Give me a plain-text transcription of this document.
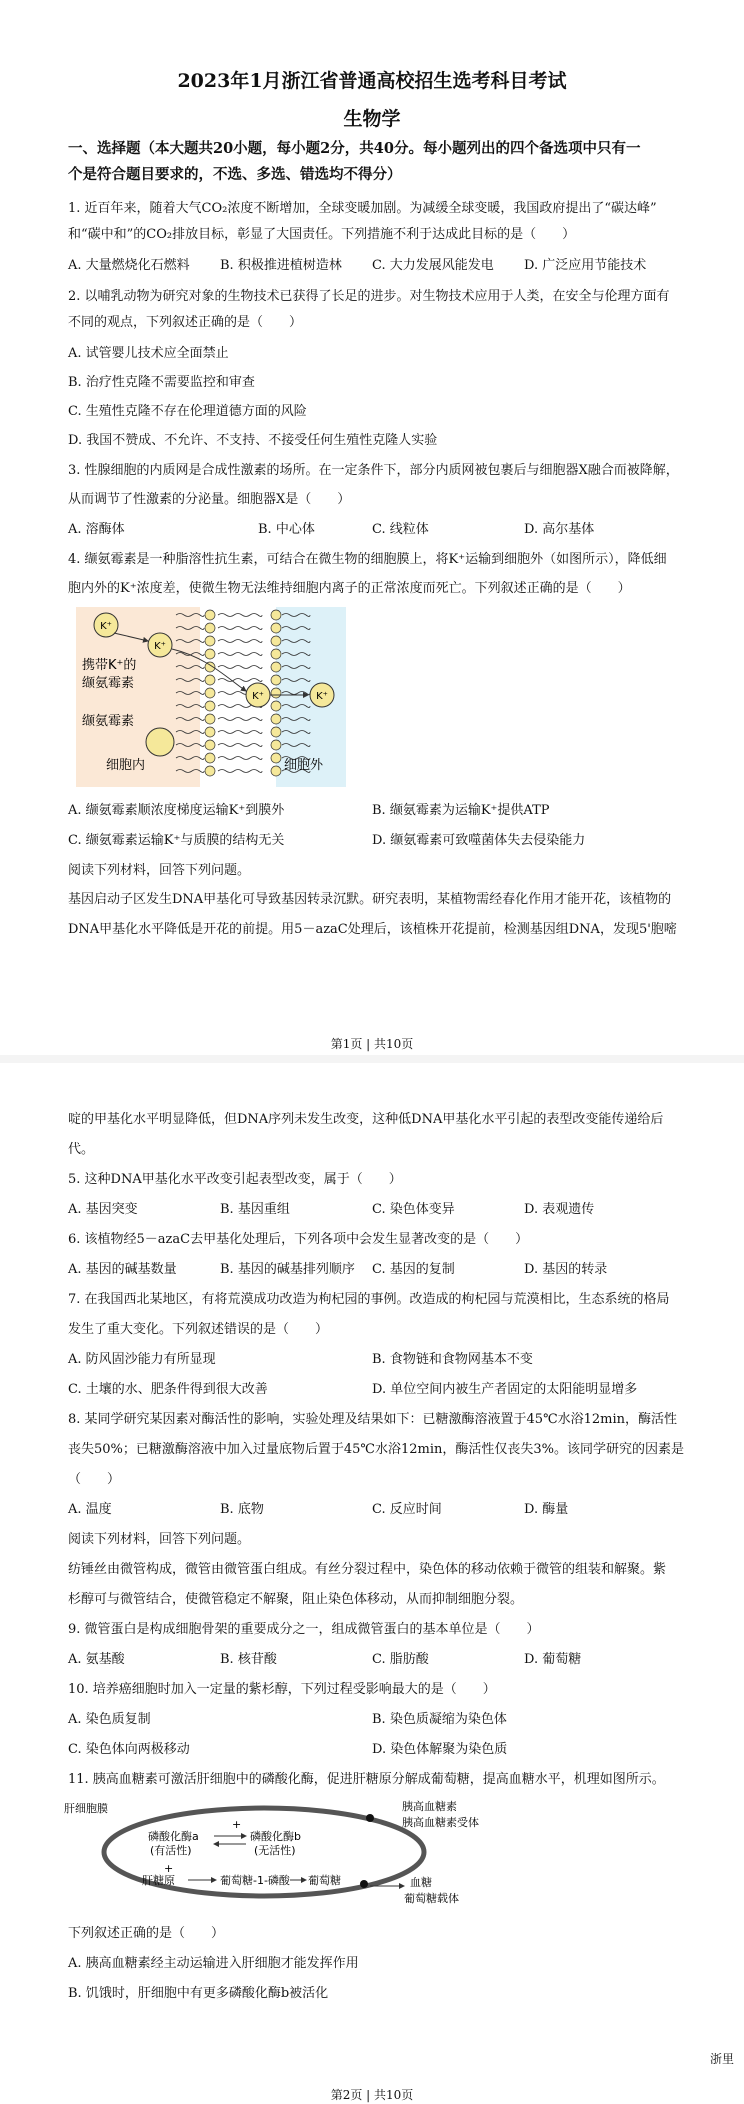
2023年1月浙江省普通高校招生选考科目考试
生物学
一、选择题（本大题共20小题，每小题2分，共40分。每小题列出的四个备选项中只有一
个是符合题目要求的，不选、多选、错选均不得分）
1. 近百年来，随着大气CO₂浓度不断增加，全球变暖加剧。为减缓全球变暖，我国政府提出了“碳达峰”
和“碳中和”的CO₂排放目标，彰显了大国责任。下列措施不利于达成此目标的是（　　）
A. 大量燃烧化石燃料 B. 积极推进植树造林 C. 大力发展风能发电 D. 广泛应用节能技术
2. 以哺乳动物为研究对象的生物技术已获得了长足的进步。对生物技术应用于人类，在安全与伦理方面有
不同的观点，下列叙述正确的是（　　）
A. 试管婴儿技术应全面禁止
B. 治疗性克隆不需要监控和审查
C. 生殖性克隆不存在伦理道德方面的风险
D. 我国不赞成、不允许、不支持、不接受任何生殖性克隆人实验
3. 性腺细胞的内质网是合成性激素的场所。在一定条件下，部分内质网被包裹后与细胞器X融合而被降解，
从而调节了性激素的分泌量。细胞器X是（　　）
A. 溶酶体	B. 中心体	C. 线粒体	D. 高尔基体
4. 缬氨霉素是一种脂溶性抗生素，可结合在微生物的细胞膜上，将K⁺运输到细胞外（如图所示），降低细
胞内外的K⁺浓度差，使微生物无法维持细胞内离子的正常浓度而死亡。下列叙述正确的是（　　）
K⁺
K⁺
K⁺	K⁺
携带K⁺的
缬氨霉素
缬氨霉素
细胞内	细胞外
A. 缬氨霉素顺浓度梯度运输K⁺到膜外	B. 缬氨霉素为运输K⁺提供ATP
C. 缬氨霉素运输K⁺与质膜的结构无关	D. 缬氨霉素可致噬菌体失去侵染能力
阅读下列材料，回答下列问题。
基因启动子区发生DNA甲基化可导致基因转录沉默。研究表明，某植物需经春化作用才能开花，该植物的
DNA甲基化水平降低是开花的前提。用5－azaC处理后，该植株开花提前，检测基因组DNA，发现5'胞嘧
第1页 | 共10页
啶的甲基化水平明显降低，但DNA序列未发生改变，这种低DNA甲基化水平引起的表型改变能传递给后
代。
5. 这种DNA甲基化水平改变引起表型改变，属于（　　）
A. 基因突变	B. 基因重组	C. 染色体变异	D. 表观遗传
6. 该植物经5－azaC去甲基化处理后，下列各项中会发生显著改变的是（　　）
A. 基因的碱基数量	B. 基因的碱基排列顺序 C. 基因的复制	D. 基因的转录
7. 在我国西北某地区，有将荒漠成功改造为枸杞园的事例。改造成的枸杞园与荒漠相比，生态系统的格局
发生了重大变化。下列叙述错误的是（　　）
A. 防风固沙能力有所显现	B. 食物链和食物网基本不变
C. 土壤的水、肥条件得到很大改善	D. 单位空间内被生产者固定的太阳能明显增多
8. 某同学研究某因素对酶活性的影响，实验处理及结果如下：已糖激酶溶液置于45℃水浴12min，酶活性
丧失50%；已糖激酶溶液中加入过量底物后置于45℃水浴12min，酶活性仅丧失3%。该同学研究的因素是
（　　）
A. 温度	B. 底物	C. 反应时间	D. 酶量
阅读下列材料，回答下列问题。
纺锤丝由微管构成，微管由微管蛋白组成。有丝分裂过程中，染色体的移动依赖于微管的组装和解聚。紫
杉醇可与微管结合，使微管稳定不解聚，阻止染色体移动，从而抑制细胞分裂。
9. 微管蛋白是构成细胞骨架的重要成分之一，组成微管蛋白的基本单位是（　　）
A. 氨基酸	B. 核苷酸	C. 脂肪酸	D. 葡萄糖
10. 培养癌细胞时加入一定量的紫杉醇，下列过程受影响最大的是（　　）
A. 染色质复制	B. 染色质凝缩为染色体
C. 染色体向两极移动	D. 染色体解聚为染色质
11. 胰高血糖素可激活肝细胞中的磷酸化酶，促进肝糖原分解成葡萄糖，提高血糖水平，机理如图所示。
肝细胞膜	胰高血糖素
胰高血糖素受体
磷酸化酶a
(有活性)
磷酸化酶b
(无活性)
+
+
肝糖原	葡萄糖-1-磷酸 葡萄糖	血糖
葡萄糖载体
下列叙述正确的是（　　）
A. 胰高血糖素经主动运输进入肝细胞才能发挥作用
B. 饥饿时，肝细胞中有更多磷酸化酶b被活化
浙里
第2页 | 共10页
